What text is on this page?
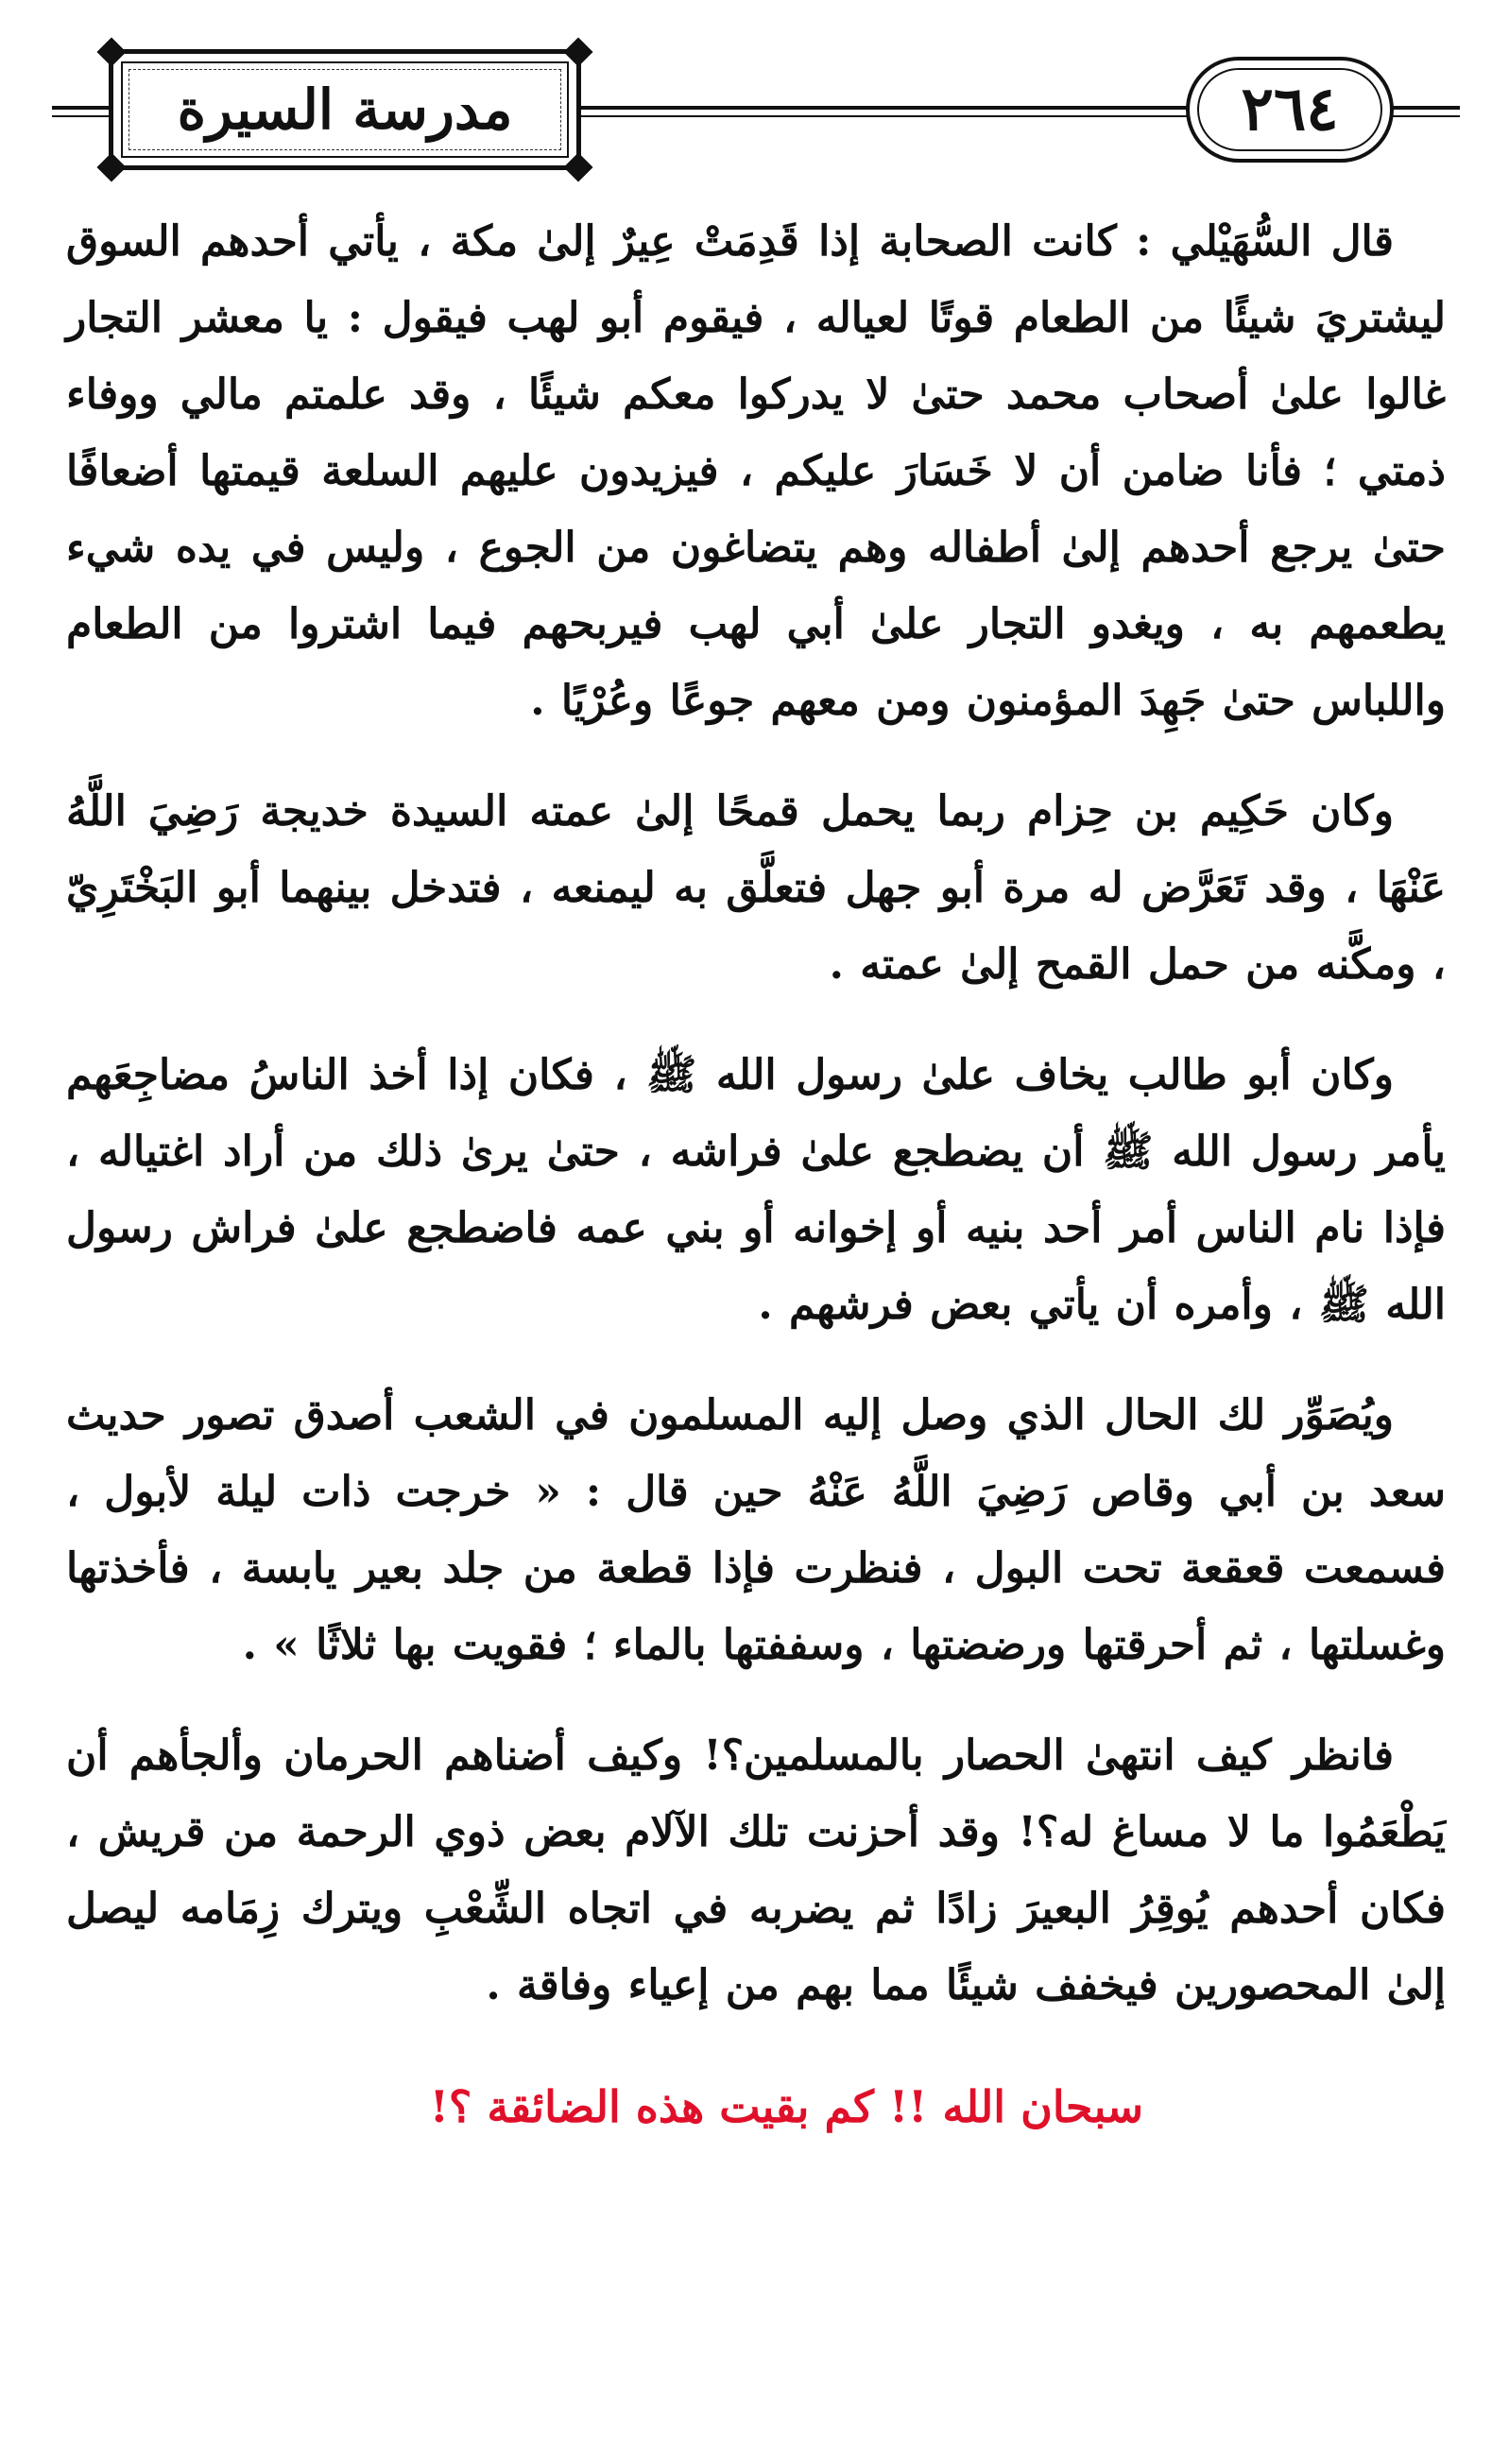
مدرسة السيرة	٢٦٤

قال السُّهَيْلي : كانت الصحابة إذا قَدِمَتْ عِيرٌ إلىٰ مكة ، يأتي أحدهم السوق ليشتريَ شيئًا من الطعام قوتًا لعياله ، فيقوم أبو لهب فيقول : يا معشر التجار غالوا علىٰ أصحاب محمد حتىٰ لا يدركوا معكم شيئًا ، وقد علمتم مالي ووفاء ذمتي ؛ فأنا ضامن أن لا خَسَارَ عليكم ، فيزيدون عليهم السلعة قيمتها أضعافًا حتىٰ يرجع أحدهم إلىٰ أطفاله وهم يتضاغون من الجوع ، وليس في يده شيء يطعمهم به ، ويغدو التجار علىٰ أبي لهب فيربحهم فيما اشتروا من الطعام واللباس حتىٰ جَهِدَ المؤمنون ومن معهم جوعًا وعُرْيًا .

وكان حَكِيم بن حِزام ربما يحمل قمحًا إلىٰ عمته السيدة خديجة رَضِيَ اللَّهُ عَنْهَا ، وقد تَعَرَّض له مرة أبو جهل فتعلَّق به ليمنعه ، فتدخل بينهما أبو البَخْتَرِيّ ، ومكَّنه من حمل القمح إلىٰ عمته .

وكان أبو طالب يخاف علىٰ رسول الله ﷺ ، فكان إذا أخذ الناسُ مضاجِعَهم يأمر رسول الله ﷺ أن يضطجع علىٰ فراشه ، حتىٰ يرىٰ ذلك من أراد اغتياله ، فإذا نام الناس أمر أحد بنيه أو إخوانه أو بني عمه فاضطجع علىٰ فراش رسول الله ﷺ ، وأمره أن يأتي بعض فرشهم .

ويُصَوِّر لك الحال الذي وصل إليه المسلمون في الشعب أصدق تصور حديث سعد بن أبي وقاص رَضِيَ اللَّهُ عَنْهُ حين قال : « خرجت ذات ليلة لأبول ، فسمعت قعقعة تحت البول ، فنظرت فإذا قطعة من جلد بعير يابسة ، فأخذتها وغسلتها ، ثم أحرقتها ورضضتها ، وسففتها بالماء ؛ فقويت بها ثلاثًا » .

فانظر كيف انتهىٰ الحصار بالمسلمين؟! وكيف أضناهم الحرمان وألجأهم أن يَطْعَمُوا ما لا مساغ له؟! وقد أحزنت تلك الآلام بعض ذوي الرحمة من قريش ، فكان أحدهم يُوقِرُ البعيرَ زادًا ثم يضربه في اتجاه الشِّعْبِ ويترك زِمَامه ليصل إلىٰ المحصورين فيخفف شيئًا مما بهم من إعياء وفاقة .

سبحان الله !! كم بقيت هذه الضائقة ؟!
